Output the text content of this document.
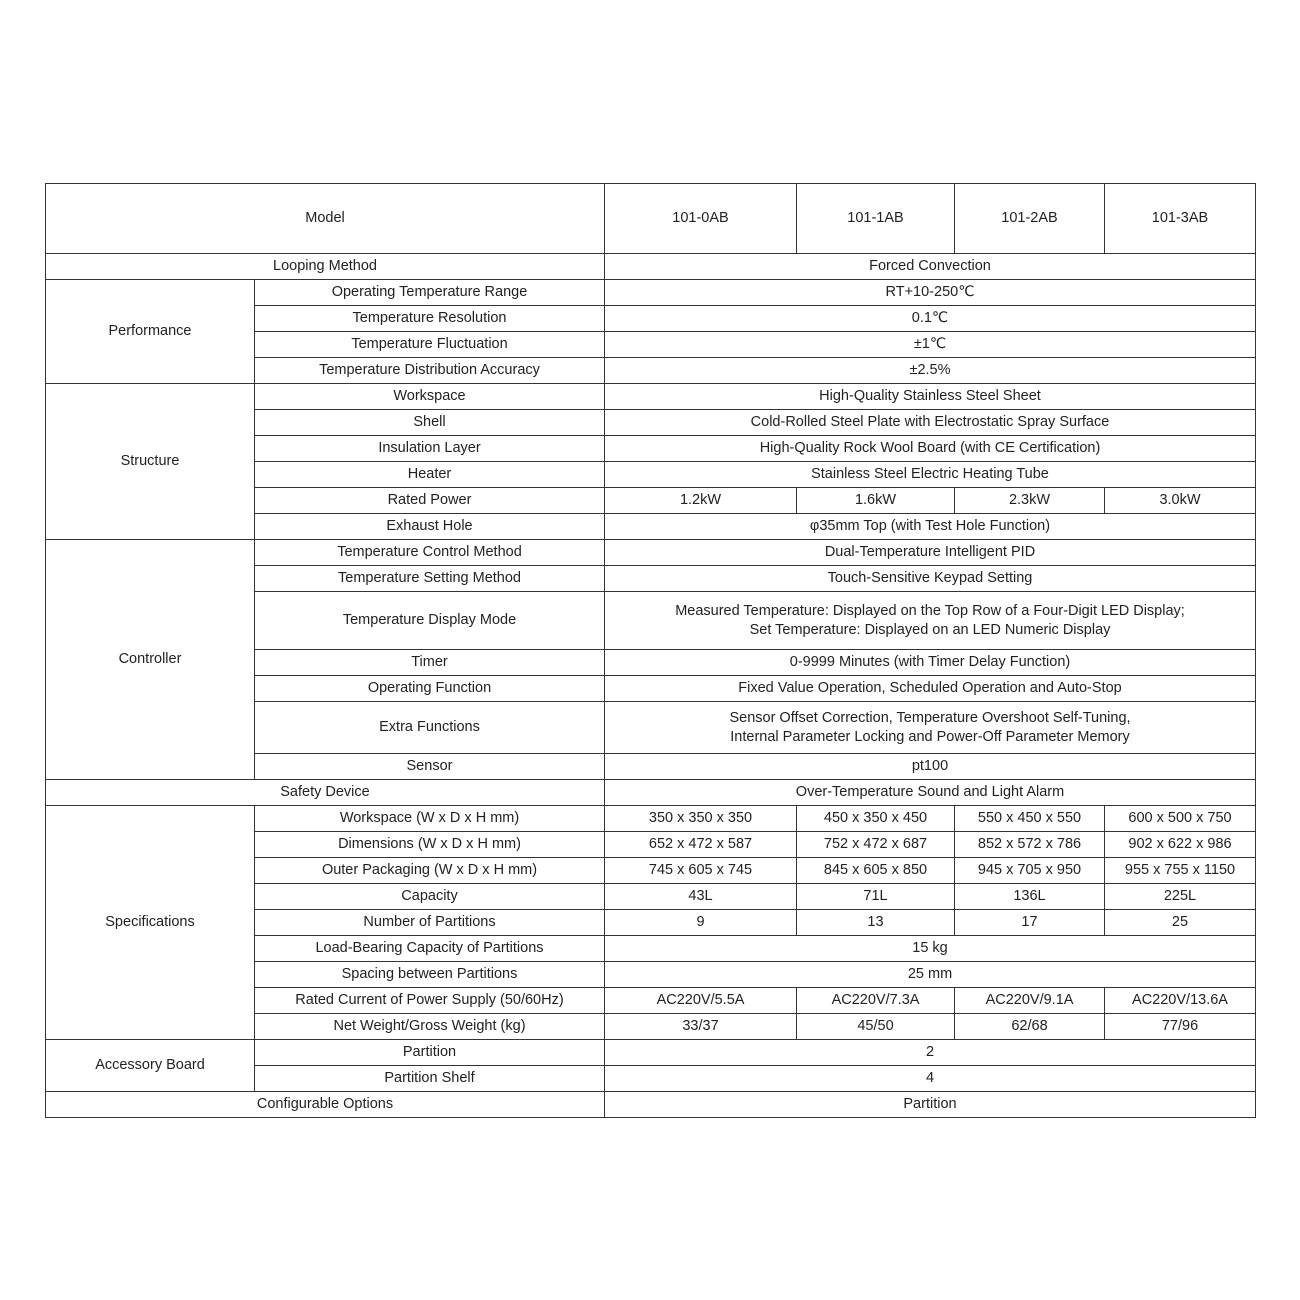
Model		101-0AB	101-1AB	101-2AB	101-3AB
Looping Method		Forced Convection			
Performance	Operating Temperature Range	RT+10-250℃			
	Temperature Resolution	0.1℃			
	Temperature Fluctuation	±1℃			
	Temperature Distribution Accuracy	±2.5%			
Structure	Workspace	High-Quality Stainless Steel Sheet			
	Shell	Cold-Rolled Steel Plate with Electrostatic Spray Surface			
	Insulation Layer	High-Quality Rock Wool Board (with CE Certification)			
	Heater	Stainless Steel Electric Heating Tube			
	Rated Power	1.2kW	1.6kW	2.3kW	3.0kW
	Exhaust Hole	φ35mm Top (with Test Hole Function)			
Controller	Temperature Control Method	Dual-Temperature Intelligent PID			
	Temperature Setting Method	Touch-Sensitive Keypad Setting			
	Temperature Display Mode	Measured Temperature: Displayed on the Top Row of a Four-Digit LED Display;
Set Temperature: Displayed on an LED Numeric Display			

	Timer	0-9999 Minutes (with Timer Delay Function)			
	Operating Function	Fixed Value Operation, Scheduled Operation and Auto-Stop			
	Extra Functions	Sensor Offset Correction, Temperature Overshoot Self-Tuning,
Internal Parameter Locking and Power-Off Parameter Memory			

	Sensor	pt100			
Safety Device		Over-Temperature Sound and Light Alarm			
Specifications	Workspace (W x D x H mm)	350 x 350 x 350	450 x 350 x 450	550 x 450 x 550	600 x 500 x 750
	Dimensions (W x D x H mm)	652 x 472 x 587	752 x 472 x 687	852 x 572 x 786	902 x 622 x 986
	Outer Packaging (W x D x H mm)	745 x 605 x 745	845 x 605 x 850	945 x 705 x 950	955 x 755 x 1150
	Capacity	43L	71L	136L	225L
	Number of Partitions	9	13	17	25
	Load-Bearing Capacity of Partitions	15 kg			
	Spacing between Partitions	25 mm			
	Rated Current of Power Supply (50/60Hz)	AC220V/5.5A	AC220V/7.3A	AC220V/9.1A	AC220V/13.6A
	Net Weight/Gross Weight (kg)	33/37	45/50	62/68	77/96
Accessory Board	Partition	2			
	Partition Shelf	4			
Configurable Options		Partition			
